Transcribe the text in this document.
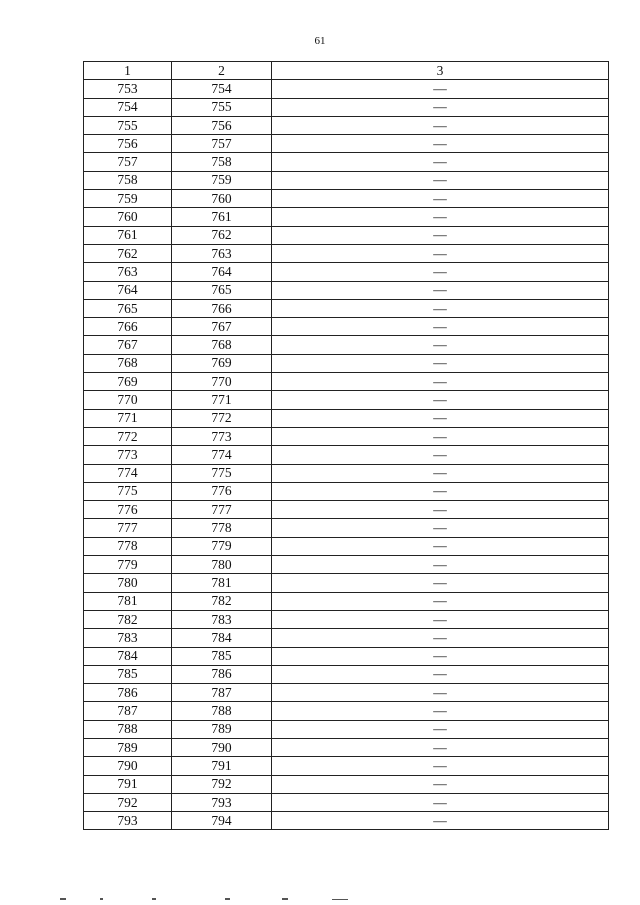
61
1	2	3
753	754	—
754	755	—
755	756	—
756	757	—
757	758	—
758	759	—
759	760	—
760	761	—
761	762	—
762	763	—
763	764	—
764	765	—
765	766	—
766	767	—
767	768	—
768	769	—
769	770	—
770	771	—
771	772	—
772	773	—
773	774	—
774	775	—
775	776	—
776	777	—
777	778	—
778	779	—
779	780	—
780	781	—
781	782	—
782	783	—
783	784	—
784	785	—
785	786	—
786	787	—
787	788	—
788	789	—
789	790	—
790	791	—
791	792	—
792	793	—
793	794	—
